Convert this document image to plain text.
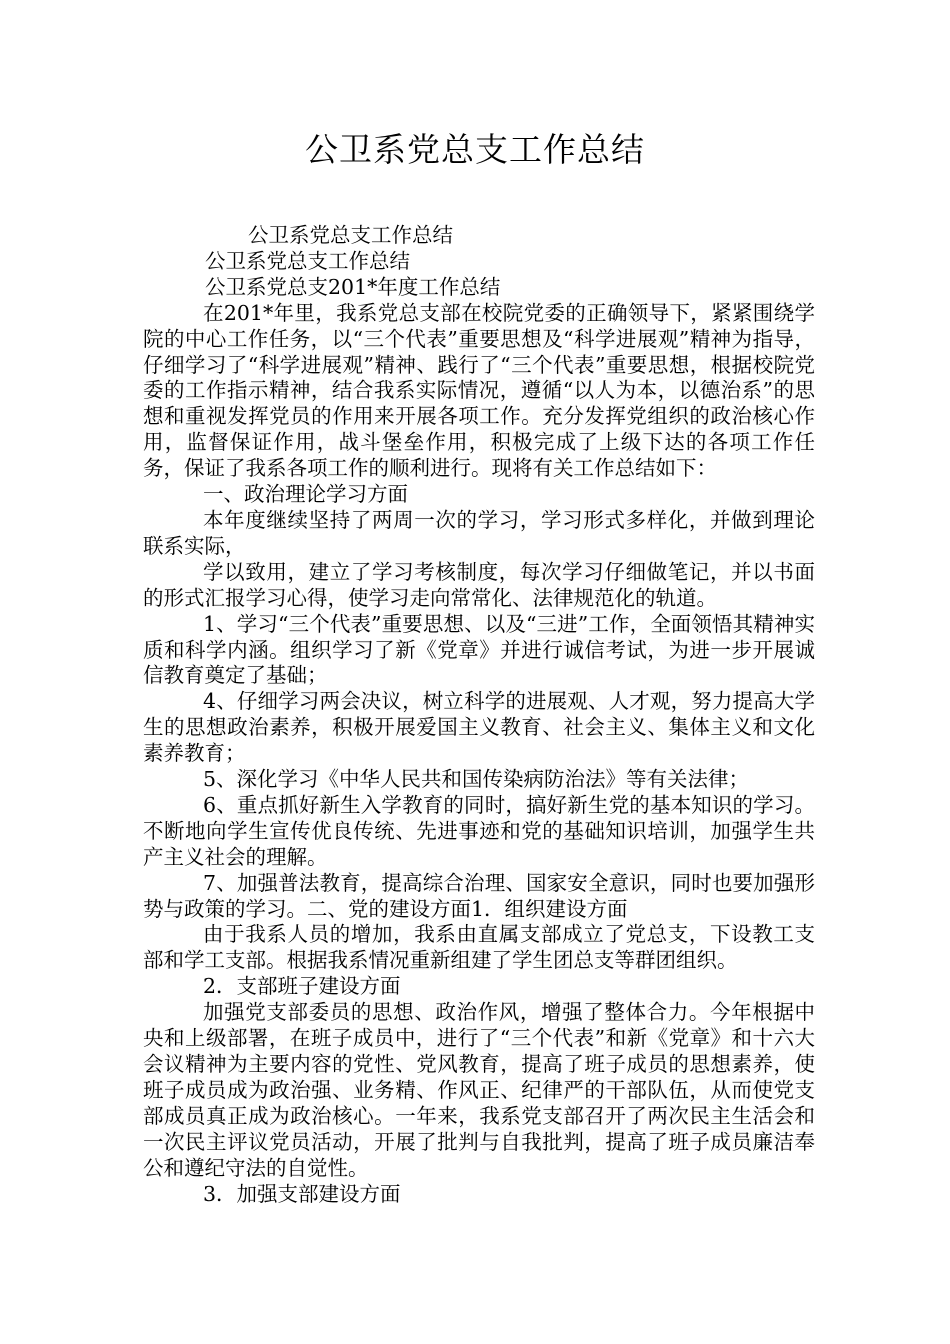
公卫系党总支工作总结

公卫系党总支工作总结

公卫系党总支工作总结

公卫系党总支201*年度工作总结

在201*年里，我系党总支部在校院党委的正确领导下，紧紧围绕学院的中心工作任务，以“三个代表”重要思想及“科学进展观”精神为指导，仔细学习了“科学进展观”精神、践行了“三个代表”重要思想，根据校院党委的工作指示精神，结合我系实际情况，遵循“以人为本，以德治系”的思想和重视发挥党员的作用来开展各项工作。充分发挥党组织的政治核心作用，监督保证作用，战斗堡垒作用，积极完成了上级下达的各项工作任务，保证了我系各项工作的顺利进行。现将有关工作总结如下：

一、政治理论学习方面

本年度继续坚持了两周一次的学习，学习形式多样化，并做到理论联系实际，

学以致用，建立了学习考核制度，每次学习仔细做笔记，并以书面的形式汇报学习心得，使学习走向常常化、法律规范化的轨道。

1、学习“三个代表”重要思想、以及“三进”工作，全面领悟其精神实质和科学内涵。组织学习了新《党章》并进行诚信考试，为进一步开展诚信教育奠定了基础；

4、仔细学习两会决议，树立科学的进展观、人才观，努力提高大学生的思想政治素养，积极开展爱国主义教育、社会主义、集体主义和文化素养教育；

5、深化学习《中华人民共和国传染病防治法》等有关法律；

6、重点抓好新生入学教育的同时，搞好新生党的基本知识的学习。不断地向学生宣传优良传统、先进事迹和党的基础知识培训，加强学生共产主义社会的理解。

7、加强普法教育，提高综合治理、国家安全意识，同时也要加强形势与政策的学习。二、党的建设方面1．组织建设方面

由于我系人员的增加，我系由直属支部成立了党总支，下设教工支部和学工支部。根据我系情况重新组建了学生团总支等群团组织。

2．支部班子建设方面

加强党支部委员的思想、政治作风，增强了整体合力。今年根据中央和上级部署，在班子成员中，进行了“三个代表”和新《党章》和十六大会议精神为主要内容的党性、党风教育，提高了班子成员的思想素养，使班子成员成为政治强、业务精、作风正、纪律严的干部队伍，从而使党支部成员真正成为政治核心。一年来，我系党支部召开了两次民主生活会和一次民主评议党员活动，开展了批判与自我批判，提高了班子成员廉洁奉公和遵纪守法的自觉性。

3．加强支部建设方面
